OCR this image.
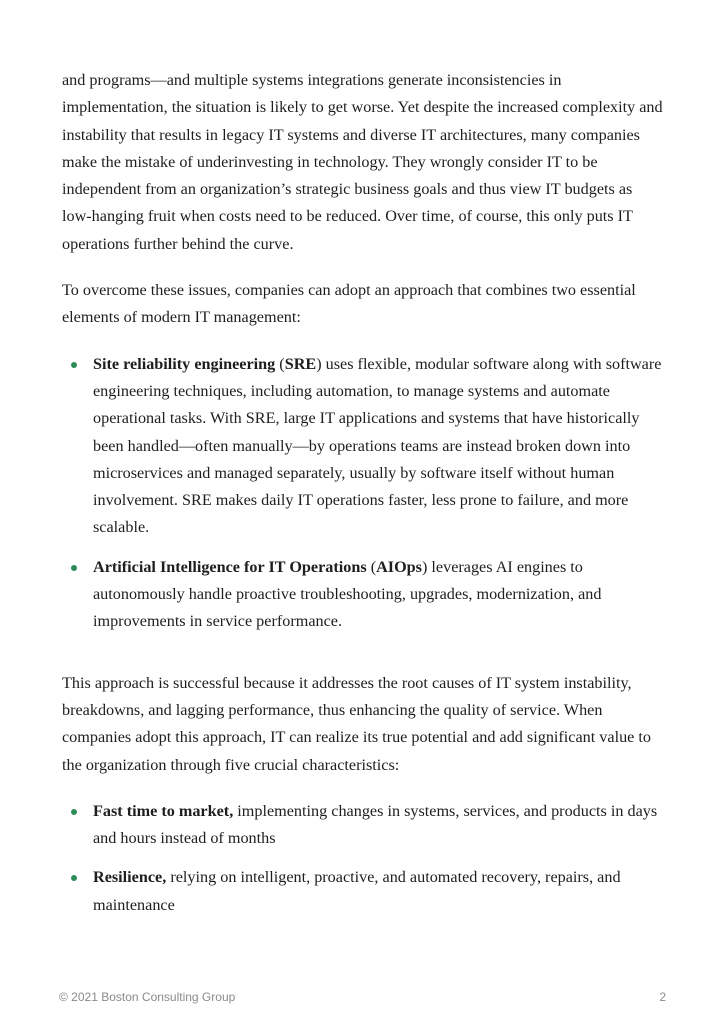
and programs—and multiple systems integrations generate inconsistencies in implementation, the situation is likely to get worse. Yet despite the increased complexity and instability that results in legacy IT systems and diverse IT architectures, many companies make the mistake of underinvesting in technology. They wrongly consider IT to be independent from an organization’s strategic business goals and thus view IT budgets as low-hanging fruit when costs need to be reduced. Over time, of course, this only puts IT operations further behind the curve.

To overcome these issues, companies can adopt an approach that combines two essential elements of modern IT management:

Site reliability engineering (SRE) uses flexible, modular software along with software engineering techniques, including automation, to manage systems and automate operational tasks. With SRE, large IT applications and systems that have historically been handled—often manually—by operations teams are instead broken down into microservices and managed separately, usually by software itself without human involvement. SRE makes daily IT operations faster, less prone to failure, and more scalable.
Artificial Intelligence for IT Operations (AIOps) leverages AI engines to autonomously handle proactive troubleshooting, upgrades, modernization, and improvements in service performance.

This approach is successful because it addresses the root causes of IT system instability, breakdowns, and lagging performance, thus enhancing the quality of service. When companies adopt this approach, IT can realize its true potential and add significant value to the organization through five crucial characteristics:

Fast time to market, implementing changes in systems, services, and products in days and hours instead of months
Resilience, relying on intelligent, proactive, and automated recovery, repairs, and maintenance
© 2021 Boston Consulting Group	2
